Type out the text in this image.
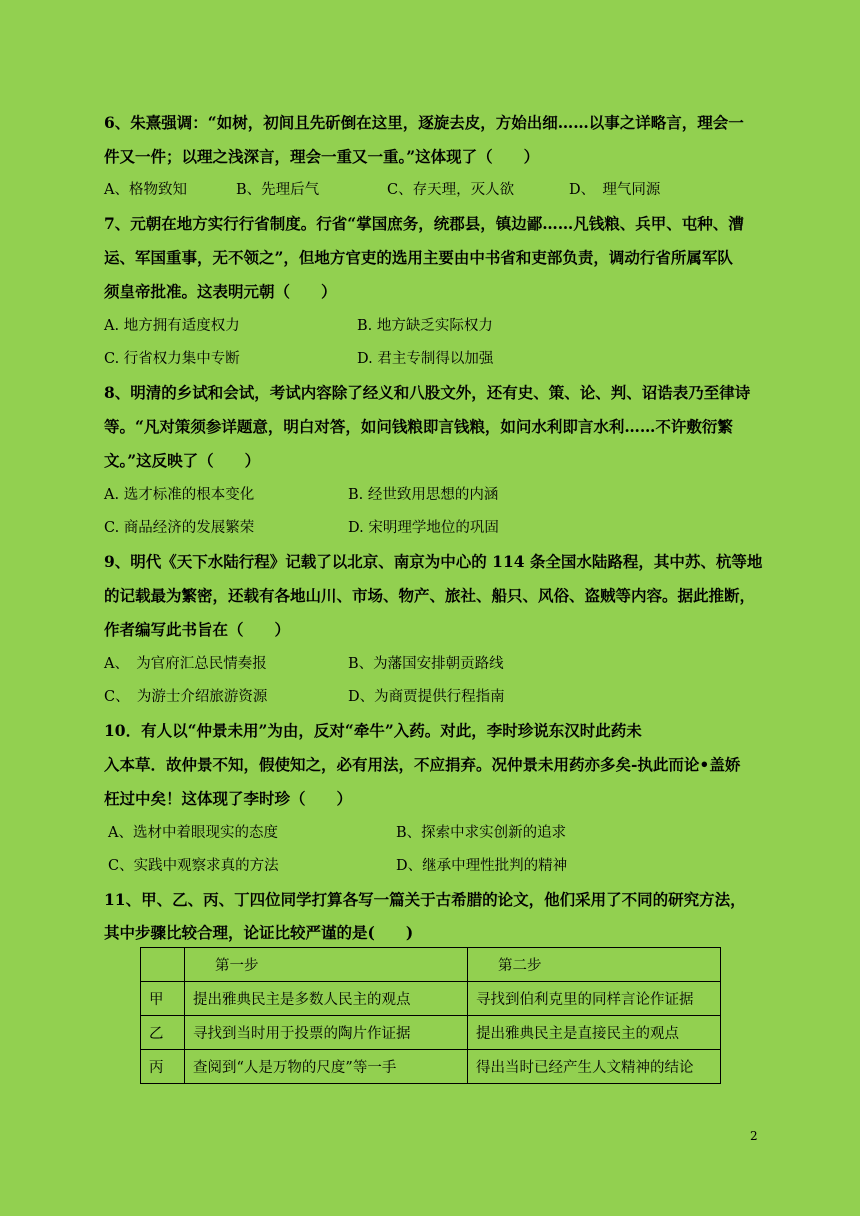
6、朱熹强调：“如树，初间且先斫倒在这里，逐旋去皮，方始出细……以事之详略言，理会一
件又一件；以理之浅深言，理会一重又一重。”这体现了（　　）
A、格物致知	B、先理后气	C、存天理，灭人欲	D、　理气同源
7、元朝在地方实行行省制度。行省“掌国庶务，统郡县，镇边鄙……凡钱粮、兵甲、屯种、漕
运、军国重事，无不领之”，但地方官吏的选用主要由中书省和吏部负责，调动行省所属军队
须皇帝批准。这表明元朝（　　）
A. 地方拥有适度权力	B. 地方缺乏实际权力
C. 行省权力集中专断	D. 君主专制得以加强
8、明清的乡试和会试，考试内容除了经义和八股文外，还有史、策、论、判、诏诰表乃至律诗
等。“凡对策须参详题意，明白对答，如问钱粮即言钱粮，如问水利即言水利……不许敷衍繁
文。”这反映了（　　）
A. 选才标准的根本变化	B. 经世致用思想的内涵
C. 商品经济的发展繁荣	D. 宋明理学地位的巩固
9、明代《天下水陆行程》记载了以北京、南京为中心的 114 条全国水陆路程，其中苏、杭等地
的记载最为繁密，还载有各地山川、市场、物产、旅社、船只、风俗、盗贼等内容。据此推断，
作者编写此书旨在（　　）
A、　为官府汇总民情奏报	B、为藩国安排朝贡路线
C、　为游士介绍旅游资源	D、为商贾提供行程指南
10．有人以“仲景未用”为由，反对“牵牛”入药。对此，李时珍说东汉时此药未
入本草．故仲景不知，假使知之，必有用法，不应捐弃。况仲景未用药亦多矣-执此而论•盖娇
枉过中矣！这体现了李时珍（　　）
A、选材中着眼现实的态度	B、探索中求实创新的追求
C、实践中观察求真的方法	D、继承中理性批判的精神
11、甲、乙、丙、丁四位同学打算各写一篇关于古希腊的论文，他们采用了不同的研究方法，
其中步骤比较合理，论证比较严谨的是(　　)
	第一步	第二步
甲	提出雅典民主是多数人民主的观点	寻找到伯利克里的同样言论作证据
乙	寻找到当时用于投票的陶片作证据	提出雅典民主是直接民主的观点
丙	查阅到“人是万物的尺度”等一手	得出当时已经产生人文精神的结论
2
